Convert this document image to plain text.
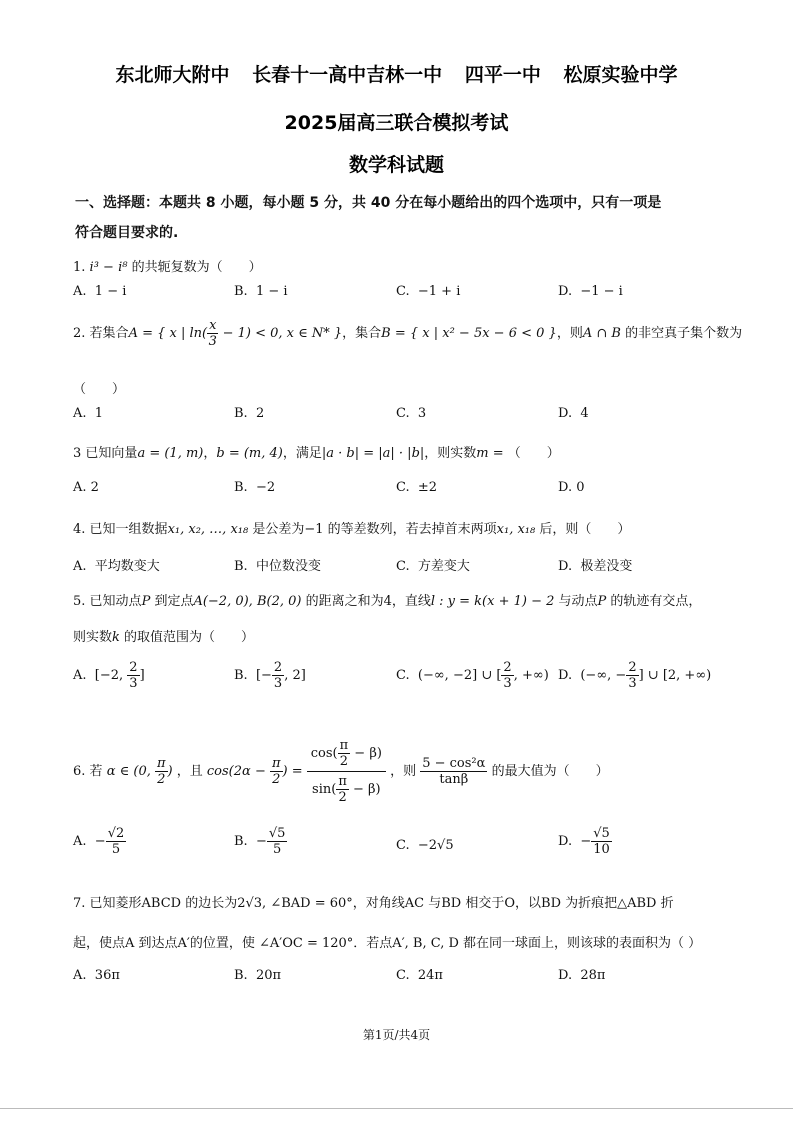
东北师大附中 长春十一高中吉林一中 四平一中 松原实验中学
2025届高三联合模拟考试
数学科试题
一、选择题：本题共 8 小题，每小题 5 分，共 40 分在每小题给出的四个选项中，只有一项是
符合题目要求的.
1. i³ − i⁸ 的共轭复数为（　　）
A. 1 − i	B. 1 − i	C. −1 + i	D. −1 − i
2. 若集合A = { x | $\ln( \frac{x}{3} - 1) < 0$, x ∈ N* }，集合B = { x | x² − 5x − 6 < 0 }，则A ∩ B 的非空真子集个数为
（　　）
A. 1	B. 2	C. 3	D. 4
3 已知向量a = (1, m)，b = (m, 4)，满足|a · b| = |a| · |b|，则实数m = （　　）
A. 2	B. −2	C. ±2	D. 0
4. 已知一组数据x₁, x₂, …, x₁₈ 是公差为−1 的等差数列，若去掉首末两项x₁, x₁₈ 后，则（　　）
A. 平均数变大	B. 中位数没变	C. 方差变大	D. 极差没变
5. 已知动点P 到定点A(−2, 0), B(2, 0) 的距离之和为4，直线l : y = k(x + 1) − 2 与动点P 的轨迹有交点，
则实数k 的取值范围为（　　）
A. [−2, $\frac{2}{3}$ ]	B. [− $\frac{2}{3}$ , 2]	C. (−∞, −2] ∪ [ $\frac{2}{3}$ , +∞) D. (−∞, − $\frac{2}{3}$ ] ∪ [2, +∞)
6. 若 α ∈ (0, $\frac{\pi}{2}$ ) ，且 $\cos(2\alpha - \frac{\pi}{2}$ ) = $\frac{\cos( \frac{\pi}{2} - \beta)}{\sin( \frac{\pi}{2} - \beta)}$ ，则 $\frac{\text{5 − cos²α}}{\tan\beta}$ 的最大值为（　　）
A. − $\frac{√2}{5}$	B. − $\frac{√5}{5}$	C. −2√5	D. − $\frac{√5}{10}$
7. 已知菱形ABCD 的边长为2√3, ∠BAD = 60°，对角线AC 与BD 相交于O，以BD 为折痕把△ABD 折
起，使点A 到达点A′的位置，使 ∠A′OC = 120°．若点A′, B, C, D 都在同一球面上，则该球的表面积为（ ）
A. 36π	B. 20π	C. 24π	D. 28π
第1页/共4页
